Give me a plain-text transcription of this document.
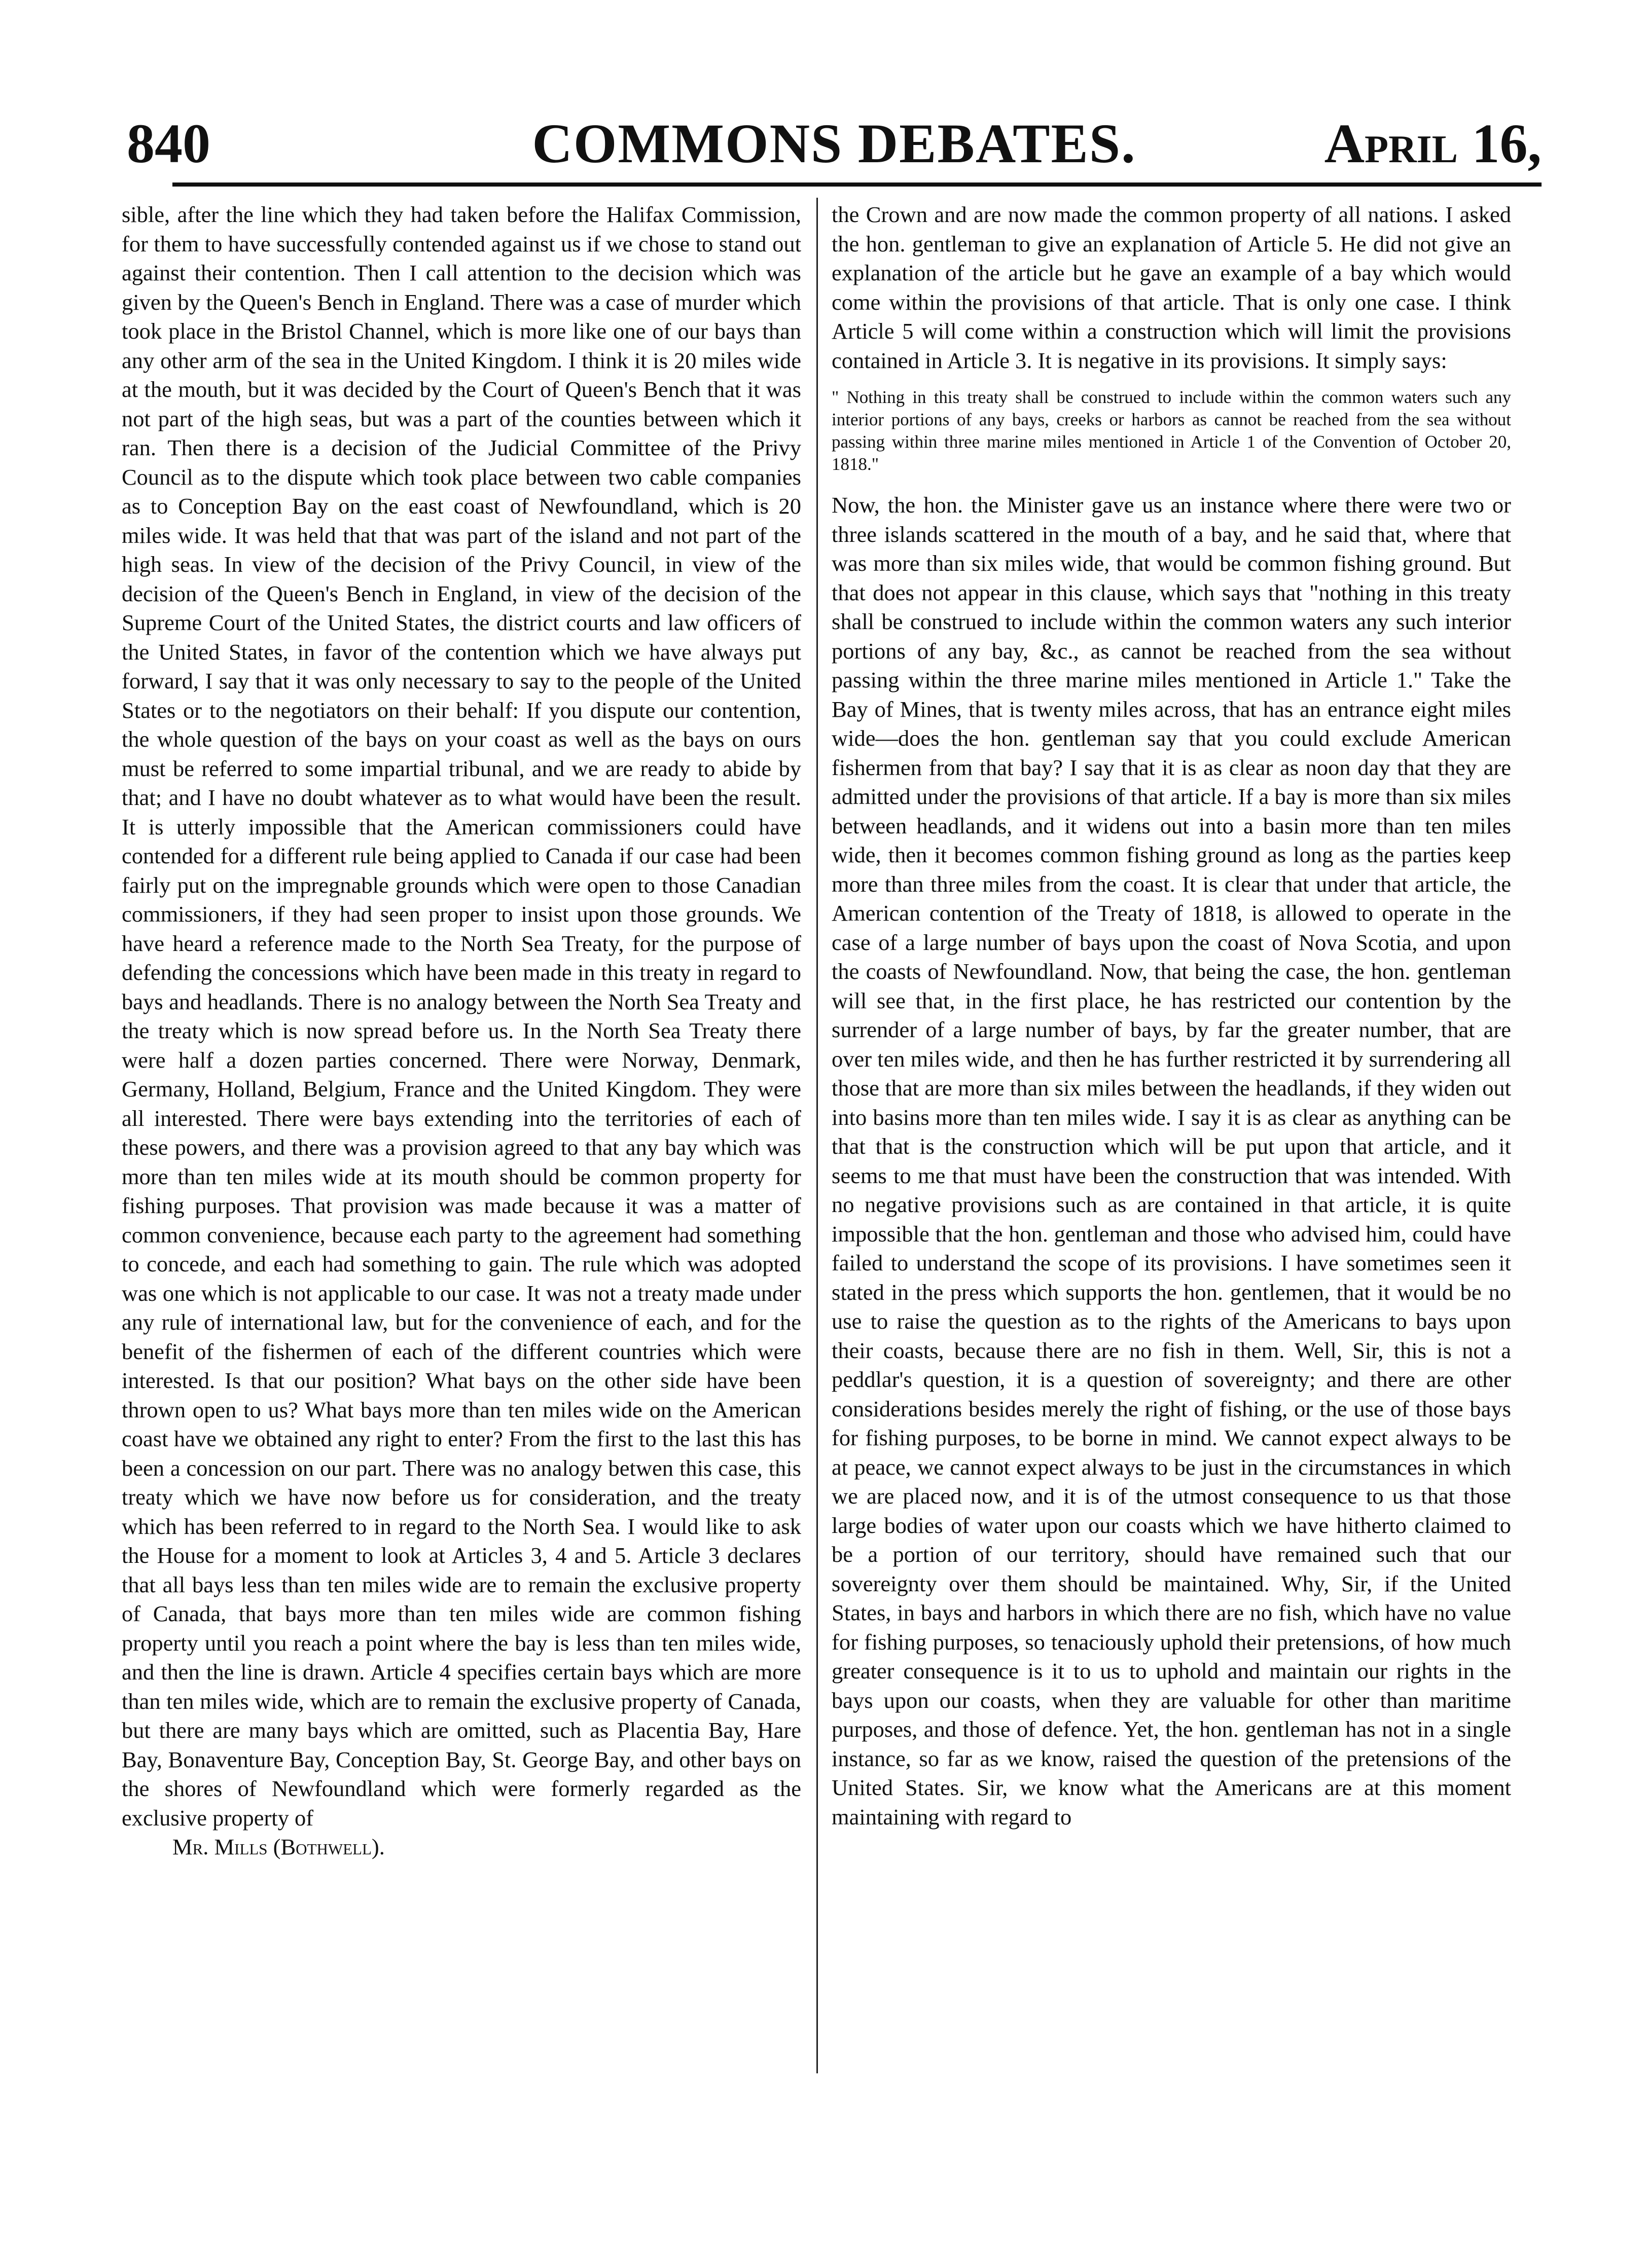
840	COMMONS DEBATES.	April 16,

sible, after the line which they had taken before the Halifax Commission, for them to have successfully contended against us if we chose to stand out against their contention. Then I call attention to the decision which was given by the Queen's Bench in England. There was a case of murder which took place in the Bristol Channel, which is more like one of our bays than any other arm of the sea in the United Kingdom. I think it is 20 miles wide at the mouth, but it was decided by the Court of Queen's Bench that it was not part of the high seas, but was a part of the counties between which it ran. Then there is a decision of the Judicial Committee of the Privy Council as to the dispute which took place between two cable companies as to Conception Bay on the east coast of Newfoundland, which is 20 miles wide. It was held that that was part of the island and not part of the high seas. In view of the decision of the Privy Council, in view of the decision of the Queen's Bench in England, in view of the decision of the Supreme Court of the United States, the district courts and law officers of the United States, in favor of the contention which we have always put forward, I say that it was only necessary to say to the people of the United States or to the negotiators on their behalf: If you dispute our contention, the whole question of the bays on your coast as well as the bays on ours must be referred to some impartial tribunal, and we are ready to abide by that; and I have no doubt whatever as to what would have been the result. It is utterly impossible that the American commissioners could have contended for a different rule being applied to Canada if our case had been fairly put on the impregnable grounds which were open to those Canadian commissioners, if they had seen proper to insist upon those grounds. We have heard a reference made to the North Sea Treaty, for the purpose of defending the concessions which have been made in this treaty in regard to bays and headlands. There is no analogy between the North Sea Treaty and the treaty which is now spread before us. In the North Sea Treaty there were half a dozen parties concerned. There were Norway, Denmark, Germany, Holland, Belgium, France and the United Kingdom. They were all interested. There were bays extending into the territories of each of these powers, and there was a provision agreed to that any bay which was more than ten miles wide at its mouth should be common property for fishing purposes. That provision was made because it was a matter of common convenience, because each party to the agreement had something to concede, and each had something to gain. The rule which was adopted was one which is not applicable to our case. It was not a treaty made under any rule of international law, but for the convenience of each, and for the benefit of the fishermen of each of the different countries which were interested. Is that our position? What bays on the other side have been thrown open to us? What bays more than ten miles wide on the American coast have we obtained any right to enter? From the first to the last this has been a concession on our part. There was no analogy betwen this case, this treaty which we have now before us for consideration, and the treaty which has been referred to in regard to the North Sea. I would like to ask the House for a moment to look at Articles 3, 4 and 5. Article 3 declares that all bays less than ten miles wide are to remain the exclusive property of Canada, that bays more than ten miles wide are common fishing property until you reach a point where the bay is less than ten miles wide, and then the line is drawn. Article 4 specifies certain bays which are more than ten miles wide, which are to remain the exclusive property of Canada, but there are many bays which are omitted, such as Placentia Bay, Hare Bay, Bonaventure Bay, Conception Bay, St. George Bay, and other bays on the shores of Newfoundland which were formerly regarded as the exclusive property of

Mr. Mills (Bothwell).

the Crown and are now made the common property of all nations. I asked the hon. gentleman to give an explanation of Article 5. He did not give an explanation of the article but he gave an example of a bay which would come within the provisions of that article. That is only one case. I think Article 5 will come within a construction which will limit the provisions contained in Article 3. It is negative in its provisions. It simply says:

" Nothing in this treaty shall be construed to include within the common waters such any interior portions of any bays, creeks or harbors as cannot be reached from the sea without passing within three marine miles mentioned in Article 1 of the Convention of October 20, 1818."

Now, the hon. the Minister gave us an instance where there were two or three islands scattered in the mouth of a bay, and he said that, where that was more than six miles wide, that would be common fishing ground. But that does not appear in this clause, which says that "nothing in this treaty shall be construed to include within the common waters any such interior portions of any bay, &c., as cannot be reached from the sea without passing within the three marine miles mentioned in Article 1." Take the Bay of Mines, that is twenty miles across, that has an entrance eight miles wide—does the hon. gentleman say that you could exclude American fishermen from that bay? I say that it is as clear as noon day that they are admitted under the provisions of that article. If a bay is more than six miles between headlands, and it widens out into a basin more than ten miles wide, then it becomes common fishing ground as long as the parties keep more than three miles from the coast. It is clear that under that article, the American contention of the Treaty of 1818, is allowed to operate in the case of a large number of bays upon the coast of Nova Scotia, and upon the coasts of Newfoundland. Now, that being the case, the hon. gentleman will see that, in the first place, he has restricted our contention by the surrender of a large number of bays, by far the greater number, that are over ten miles wide, and then he has further restricted it by surrendering all those that are more than six miles between the headlands, if they widen out into basins more than ten miles wide. I say it is as clear as anything can be that that is the construction which will be put upon that article, and it seems to me that must have been the construction that was intended. With no negative provisions such as are contained in that article, it is quite impossible that the hon. gentleman and those who advised him, could have failed to understand the scope of its provisions. I have sometimes seen it stated in the press which supports the hon. gentlemen, that it would be no use to raise the question as to the rights of the Americans to bays upon their coasts, because there are no fish in them. Well, Sir, this is not a peddlar's question, it is a question of sovereignty; and there are other considerations besides merely the right of fishing, or the use of those bays for fishing purposes, to be borne in mind. We cannot expect always to be at peace, we cannot expect always to be just in the circumstances in which we are placed now, and it is of the utmost consequence to us that those large bodies of water upon our coasts which we have hitherto claimed to be a portion of our territory, should have remained such that our sovereignty over them should be maintained. Why, Sir, if the United States, in bays and harbors in which there are no fish, which have no value for fishing purposes, so tenaciously uphold their pretensions, of how much greater consequence is it to us to uphold and maintain our rights in the bays upon our coasts, when they are valuable for other than maritime purposes, and those of defence. Yet, the hon. gentleman has not in a single instance, so far as we know, raised the question of the pretensions of the United States. Sir, we know what the Americans are at this moment maintaining with regard to
